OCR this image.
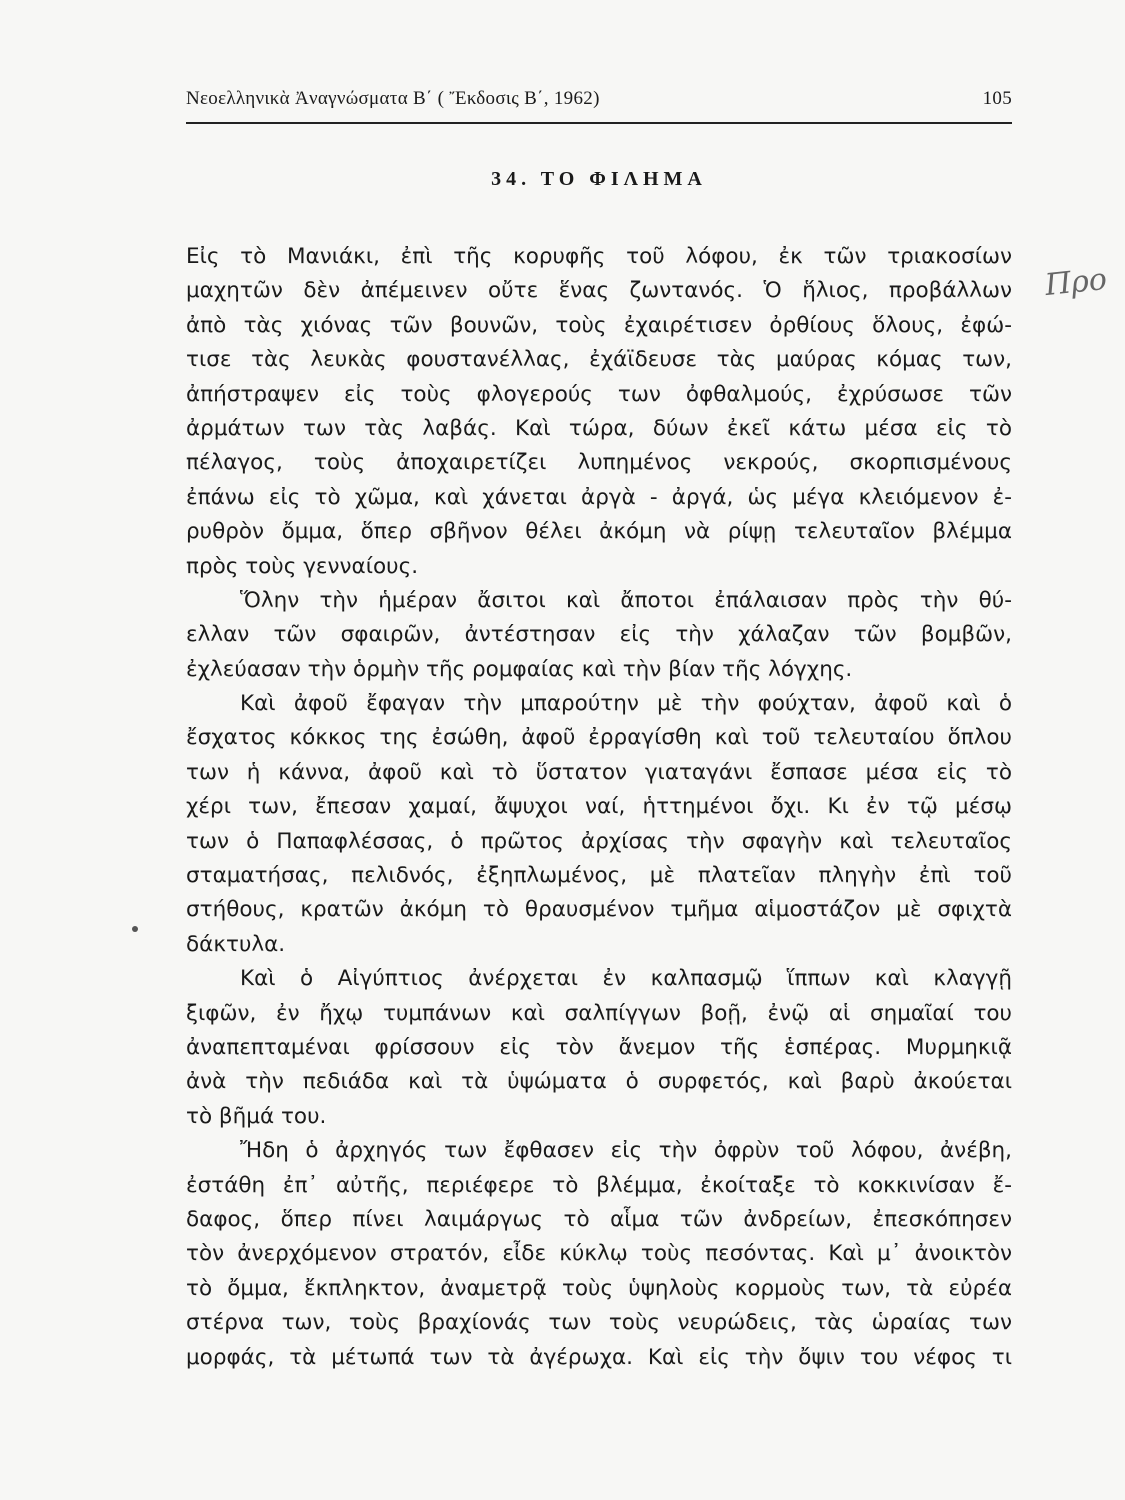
Νεοελληνικὰ Ἀναγνώσματα Β΄ ( Ἔκδοσις Β΄, 1962)	105
34. ΤΟ ΦΙΛΗΜΑ
Εἰς τὸ Μανιάκι, ἐπὶ τῆς κορυφῆς τοῦ λόφου, ἐκ τῶν τριακοσίων
μαχητῶν δὲν ἀπέμεινεν οὔτε ἕνας ζωντανός. Ὁ ἥλιος, προβάλλων
ἀπὸ τὰς χιόνας τῶν βουνῶν, τοὺς ἐχαιρέτισεν ὀρθίους ὅλους, ἐφώ-
τισε τὰς λευκὰς φουστανέλλας, ἐχάϊδευσε τὰς μαύρας κόμας των,
ἀπήστραψεν εἰς τοὺς φλογερούς των ὀφθαλμούς, ἐχρύσωσε τῶν
ἀρμάτων των τὰς λαβάς. Καὶ τώρα, δύων ἐκεῖ κάτω μέσα εἰς τὸ
πέλαγος, τοὺς ἀποχαιρετίζει λυπημένος νεκρούς, σκορπισμένους
ἐπάνω εἰς τὸ χῶμα, καὶ χάνεται ἀργὰ - ἀργά, ὡς μέγα κλειόμενον ἐ-
ρυθρὸν ὄμμα, ὅπερ σβῆνον θέλει ἀκόμη νὰ ρίψῃ τελευταῖον βλέμμα
πρὸς τοὺς γενναίους.
Ὅλην τὴν ἡμέραν ἄσιτοι καὶ ἄποτοι ἐπάλαισαν πρὸς τὴν θύ-
ελλαν τῶν σφαιρῶν, ἀντέστησαν εἰς τὴν χάλαζαν τῶν βομβῶν,
ἐχλεύασαν τὴν ὁρμὴν τῆς ρομφαίας καὶ τὴν βίαν τῆς λόγχης.
Καὶ ἀφοῦ ἔφαγαν τὴν μπαρούτην μὲ τὴν φούχταν, ἀφοῦ καὶ ὁ
ἔσχατος κόκκος της ἐσώθη, ἀφοῦ ἐρραγίσθη καὶ τοῦ τελευταίου ὅπλου
των ἡ κάννα, ἀφοῦ καὶ τὸ ὕστατον γιαταγάνι ἔσπασε μέσα εἰς τὸ
χέρι των, ἔπεσαν χαμαί, ἄψυχοι ναί, ἡττημένοι ὄχι. Κι ἐν τῷ μέσῳ
των ὁ Παπαφλέσσας, ὁ πρῶτος ἀρχίσας τὴν σφαγὴν καὶ τελευταῖος
σταματήσας, πελιδνός, ἐξηπλωμένος, μὲ πλατεῖαν πληγὴν ἐπὶ τοῦ
στήθους, κρατῶν ἀκόμη τὸ θραυσμένον τμῆμα αἱμοστάζον μὲ σφιχτὰ
δάκτυλα.
Καὶ ὁ Αἰγύπτιος ἀνέρχεται ἐν καλπασμῷ ἵππων καὶ κλαγγῇ
ξιφῶν, ἐν ἤχῳ τυμπάνων καὶ σαλπίγγων βοῇ, ἐνῷ αἱ σημαῖαί του
ἀναπεπταμέναι φρίσσουν εἰς τὸν ἄνεμον τῆς ἑσπέρας. Μυρμηκιᾷ
ἀνὰ τὴν πεδιάδα καὶ τὰ ὑψώματα ὁ συρφετός, καὶ βαρὺ ἀκούεται
τὸ βῆμά του.
Ἤδη ὁ ἀρχηγός των ἔφθασεν εἰς τὴν ὀφρὺν τοῦ λόφου, ἀνέβη,
ἐστάθη ἐπ᾽ αὐτῆς, περιέφερε τὸ βλέμμα, ἐκοίταξε τὸ κοκκινίσαν ἔ-
δαφος, ὅπερ πίνει λαιμάργως τὸ αἷμα τῶν ἀνδρείων, ἐπεσκόπησεν
τὸν ἀνερχόμενον στρατόν, εἶδε κύκλῳ τοὺς πεσόντας. Καὶ μ᾽ ἀνοικτὸν
τὸ ὄμμα, ἔκπληκτον, ἀναμετρᾷ τοὺς ὑψηλοὺς κορμοὺς των, τὰ εὐρέα
στέρνα των, τοὺς βραχίονάς των τοὺς νευρώδεις, τὰς ὡραίας των
μορφάς, τὰ μέτωπά των τὰ ἀγέρωχα. Καὶ εἰς τὴν ὄψιν του νέφος τι
Προ
